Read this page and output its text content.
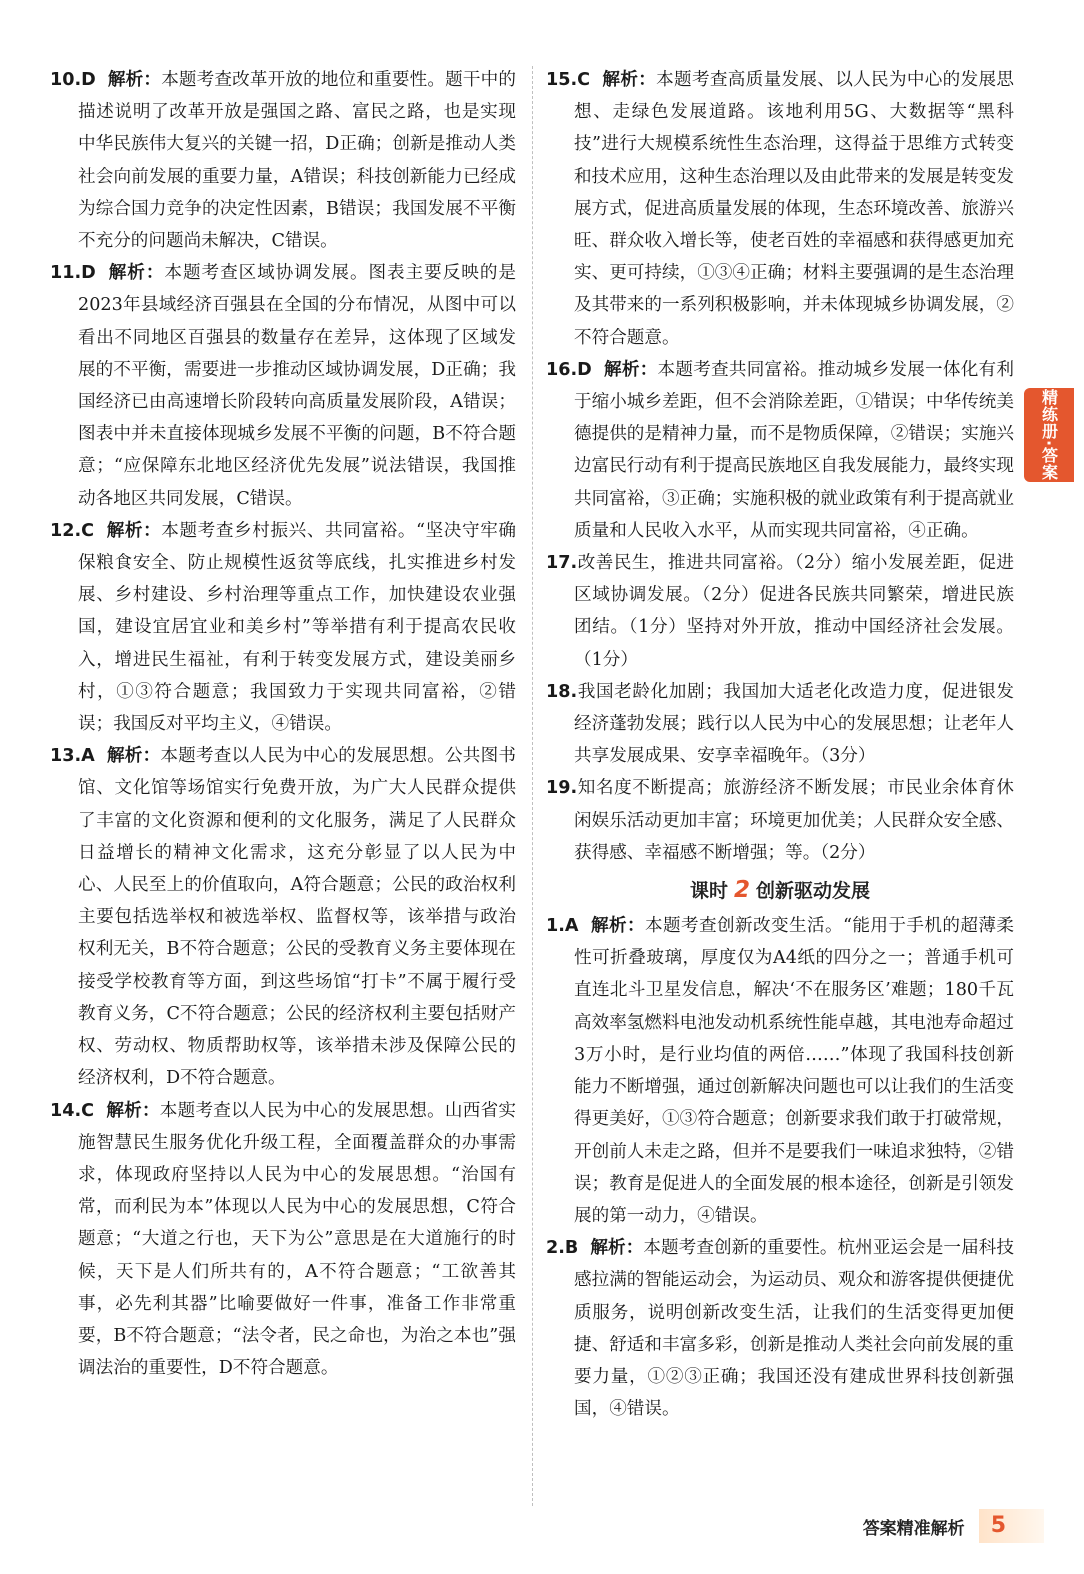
10.D 解析：本题考查改革开放的地位和重要性。题干中的描述说明了改革开放是强国之路、富民之路，也是实现中华民族伟大复兴的关键一招，D正确；创新是推动人类社会向前发展的重要力量，A错误；科技创新能力已经成为综合国力竞争的决定性因素，B错误；我国发展不平衡不充分的问题尚未解决，C错误。

11.D 解析：本题考查区域协调发展。图表主要反映的是2023年县域经济百强县在全国的分布情况，从图中可以看出不同地区百强县的数量存在差异，这体现了区域发展的不平衡，需要进一步推动区域协调发展，D正确；我国经济已由高速增长阶段转向高质量发展阶段，A错误；图表中并未直接体现城乡发展不平衡的问题，B不符合题意；“应保障东北地区经济优先发展”说法错误，我国推动各地区共同发展，C错误。

12.C 解析：本题考查乡村振兴、共同富裕。“坚决守牢确保粮食安全、防止规模性返贫等底线，扎实推进乡村发展、乡村建设、乡村治理等重点工作，加快建设农业强国，建设宜居宜业和美乡村”等举措有利于提高农民收入，增进民生福祉，有利于转变发展方式，建设美丽乡村，①③符合题意；我国致力于实现共同富裕，②错误；我国反对平均主义，④错误。

13.A 解析：本题考查以人民为中心的发展思想。公共图书馆、文化馆等场馆实行免费开放，为广大人民群众提供了丰富的文化资源和便利的文化服务，满足了人民群众日益增长的精神文化需求，这充分彰显了以人民为中心、人民至上的价值取向，A符合题意；公民的政治权利主要包括选举权和被选举权、监督权等，该举措与政治权利无关，B不符合题意；公民的受教育义务主要体现在接受学校教育等方面，到这些场馆“打卡”不属于履行受教育义务，C不符合题意；公民的经济权利主要包括财产权、劳动权、物质帮助权等，该举措未涉及保障公民的经济权利，D不符合题意。

14.C 解析：本题考查以人民为中心的发展思想。山西省实施智慧民生服务优化升级工程，全面覆盖群众的办事需求，体现政府坚持以人民为中心的发展思想。“治国有常，而利民为本”体现以人民为中心的发展思想，C符合题意；“大道之行也，天下为公”意思是在大道施行的时候，天下是人们所共有的，A不符合题意；“工欲善其事，必先利其器”比喻要做好一件事，准备工作非常重要，B不符合题意；“法令者，民之命也，为治之本也”强调法治的重要性，D不符合题意。

15.C 解析：本题考查高质量发展、以人民为中心的发展思想、走绿色发展道路。该地利用5G、大数据等“黑科技”进行大规模系统性生态治理，这得益于思维方式转变和技术应用，这种生态治理以及由此带来的发展是转变发展方式，促进高质量发展的体现，生态环境改善、旅游兴旺、群众收入增长等，使老百姓的幸福感和获得感更加充实、更可持续，①③④正确；材料主要强调的是生态治理及其带来的一系列积极影响，并未体现城乡协调发展，②不符合题意。

16.D 解析：本题考查共同富裕。推动城乡发展一体化有利于缩小城乡差距，但不会消除差距，①错误；中华传统美德提供的是精神力量，而不是物质保障，②错误；实施兴边富民行动有利于提高民族地区自我发展能力，最终实现共同富裕，③正确；实施积极的就业政策有利于提高就业质量和人民收入水平，从而实现共同富裕，④正确。

17.改善民生，推进共同富裕。（2分）缩小发展差距，促进区域协调发展。（2分）促进各民族共同繁荣，增进民族团结。（1分）坚持对外开放，推动中国经济社会发展。（1分）

18.我国老龄化加剧；我国加大适老化改造力度，促进银发经济蓬勃发展；践行以人民为中心的发展思想；让老年人共享发展成果、安享幸福晚年。（3分）

19.知名度不断提高；旅游经济不断发展；市民业余体育休闲娱乐活动更加丰富；环境更加优美；人民群众安全感、获得感、幸福感不断增强；等。（2分）

课时 2 创新驱动发展

1.A 解析：本题考查创新改变生活。“能用于手机的超薄柔性可折叠玻璃，厚度仅为A4纸的四分之一；普通手机可直连北斗卫星发信息，解决‘不在服务区’难题；180千瓦高效率氢燃料电池发动机系统性能卓越，其电池寿命超过3万小时，是行业均值的两倍……”体现了我国科技创新能力不断增强，通过创新解决问题也可以让我们的生活变得更美好，①③符合题意；创新要求我们敢于打破常规，开创前人未走之路，但并不是要我们一味追求独特，②错误；教育是促进人的全面发展的根本途径，创新是引领发展的第一动力，④错误。

2.B 解析：本题考查创新的重要性。杭州亚运会是一届科技感拉满的智能运动会，为运动员、观众和游客提供便捷优质服务，说明创新改变生活，让我们的生活变得更加便捷、舒适和丰富多彩，创新是推动人类社会向前发展的重要力量，①②③正确；我国还没有建成世界科技创新强国，④错误。

精练册·答案
答案精准解析	5
